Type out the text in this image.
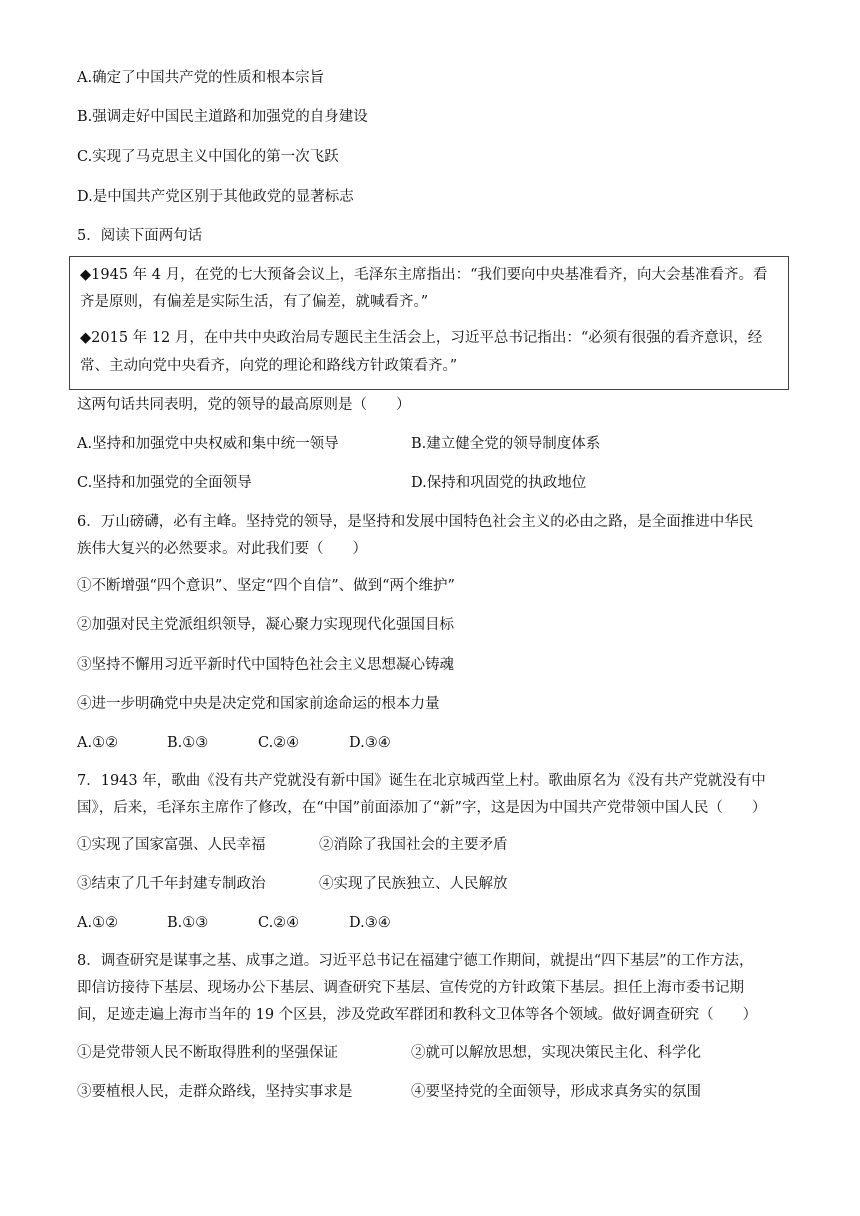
A.确定了中国共产党的性质和根本宗旨
B.强调走好中国民主道路和加强党的自身建设
C.实现了马克思主义中国化的第一次飞跃
D.是中国共产党区别于其他政党的显著标志
5．阅读下面两句话
◆1945 年 4 月，在党的七大预备会议上，毛泽东主席指出：“我们要向中央基准看齐，向大会基准看齐。看
齐是原则，有偏差是实际生活，有了偏差，就喊看齐。”
◆2015 年 12 月，在中共中央政治局专题民主生活会上，习近平总书记指出：“必须有很强的看齐意识，经
常、主动向党中央看齐，向党的理论和路线方针政策看齐。”
这两句话共同表明，党的领导的最高原则是（　　）
A.坚持和加强党中央权威和集中统一领导	B.建立健全党的领导制度体系
C.坚持和加强党的全面领导	D.保持和巩固党的执政地位
6．万山磅礴，必有主峰。坚持党的领导，是坚持和发展中国特色社会主义的必由之路，是全面推进中华民
族伟大复兴的必然要求。对此我们要（　　）
①不断增强“四个意识”、坚定“四个自信”、做到“两个维护”
②加强对民主党派组织领导，凝心聚力实现现代化强国目标
③坚持不懈用习近平新时代中国特色社会主义思想凝心铸魂
④进一步明确党中央是决定党和国家前途命运的根本力量
A.①②	B.①③	C.②④	D.③④
7．1943 年，歌曲《没有共产党就没有新中国》诞生在北京城西堂上村。歌曲原名为《没有共产党就没有中
国》，后来，毛泽东主席作了修改，在“中国”前面添加了“新”字，这是因为中国共产党带领中国人民（　　）
①实现了国家富强、人民幸福	②消除了我国社会的主要矛盾
③结束了几千年封建专制政治	④实现了民族独立、人民解放
A.①②	B.①③	C.②④	D.③④
8．调查研究是谋事之基、成事之道。习近平总书记在福建宁德工作期间，就提出“四下基层”的工作方法，
即信访接待下基层、现场办公下基层、调查研究下基层、宣传党的方针政策下基层。担任上海市委书记期
间，足迹走遍上海市当年的 19 个区县，涉及党政军群团和教科文卫体等各个领域。做好调查研究（　　）
①是党带领人民不断取得胜利的坚强保证	②就可以解放思想，实现决策民主化、科学化
③要植根人民，走群众路线，坚持实事求是	④要坚持党的全面领导，形成求真务实的氛围
